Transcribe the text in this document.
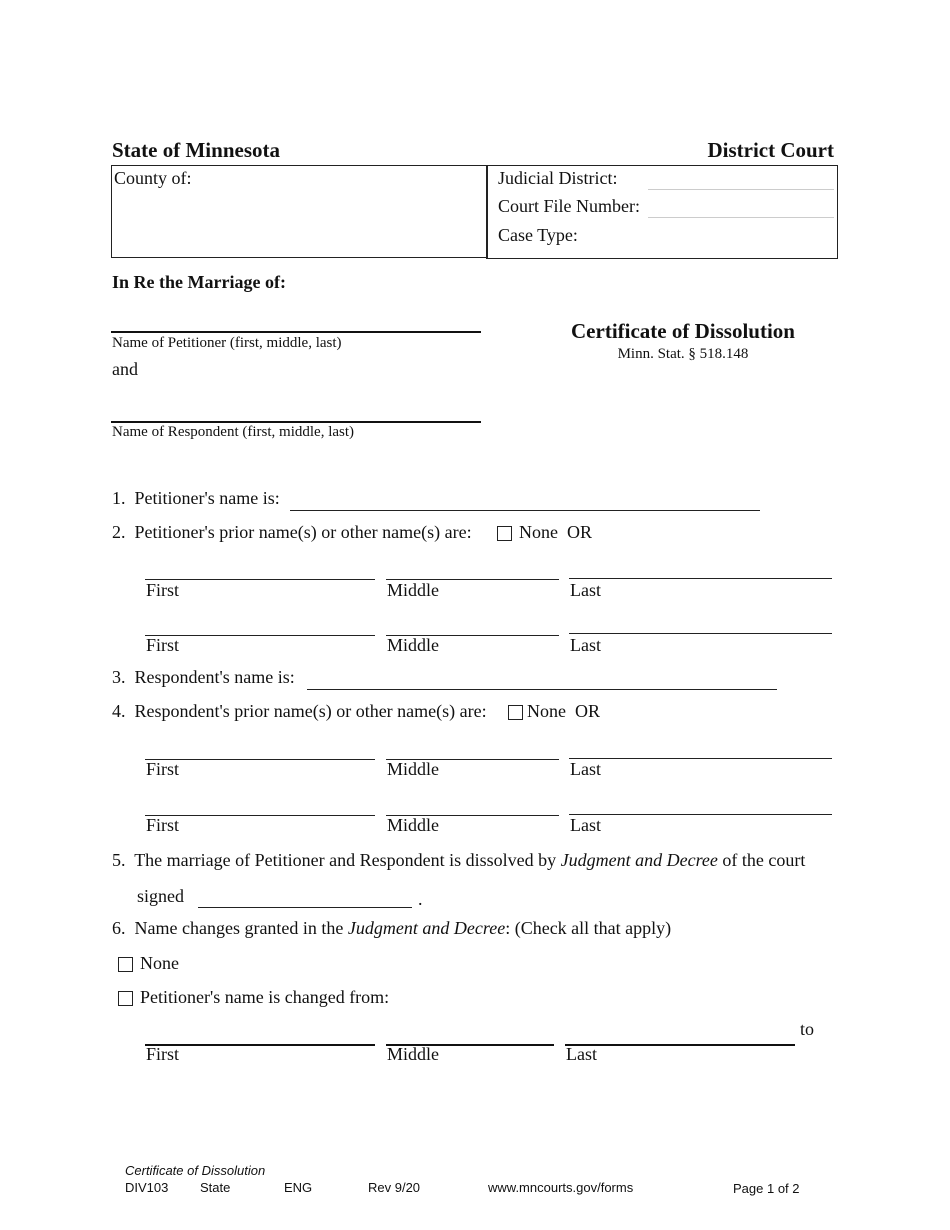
State of Minnesota	District Court
County of:	Judicial District:
Court File Number:
Case Type:
In Re the Marriage of:
Name of Petitioner (first, middle, last)
and
Name of Respondent (first, middle, last)
Certificate of Dissolution
Minn. Stat. § 518.148
1. Petitioner's name is:
2. Petitioner's prior name(s) or other name(s) are:	None OR
First	Middle	Last
First	Middle	Last
3. Respondent's name is:
4. Respondent's prior name(s) or other name(s) are: None OR
First	Middle	Last
First	Middle	Last
5. The marriage of Petitioner and Respondent is dissolved by Judgment and Decree of the court
signed	.
6. Name changes granted in the Judgment and Decree: (Check all that apply)
None
Petitioner's name is changed from:
to
First	Middle	Last
Certificate of Dissolution
DIV103 State	ENG	Rev 9/20	www.mncourts.gov/forms	Page 1 of 2
